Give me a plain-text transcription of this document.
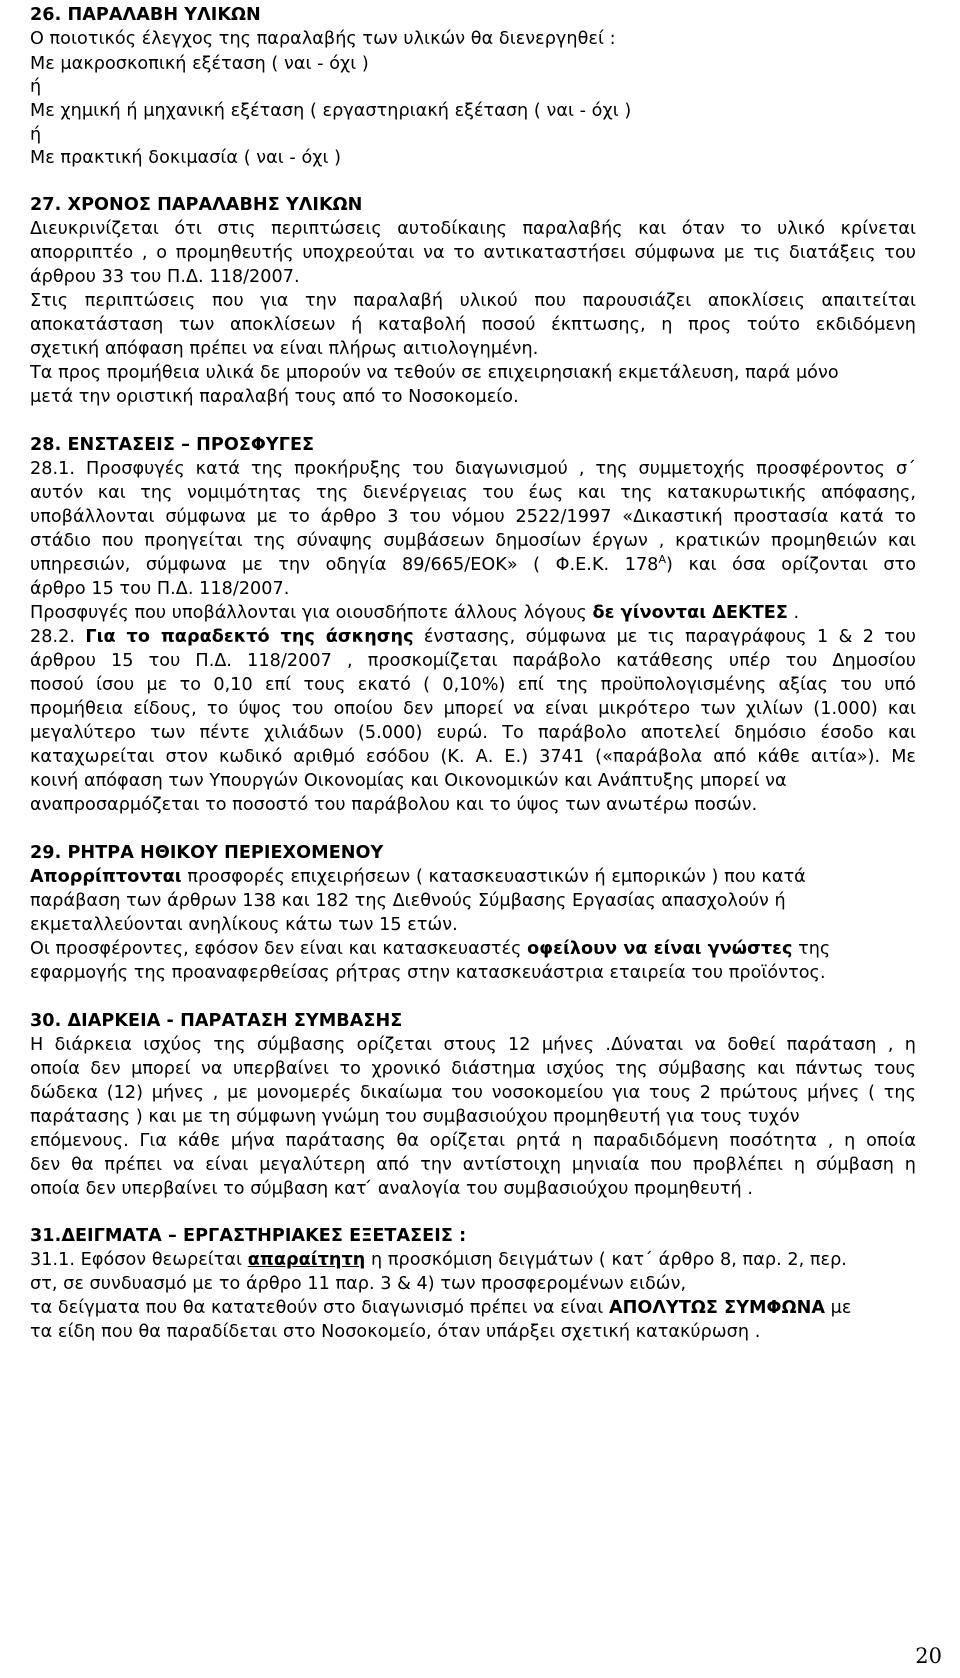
20
26. ΠΑΡΑΛΑΒΗ ΥΛΙΚΩΝ
Ο ποιοτικός έλεγχος της παραλαβής των υλικών θα διενεργηθεί :
Με μακροσκοπική εξέταση ( ναι - όχι )
ή
Με χημική ή μηχανική εξέταση ( εργαστηριακή εξέταση ( ναι - όχι )
ή
Με πρακτική δοκιμασία ( ναι - όχι )
27. ΧΡΟΝΟΣ ΠΑΡΑΛΑΒΗΣ ΥΛΙΚΩΝ
Διευκρινίζεται ότι στις περιπτώσεις αυτοδίκαιης παραλαβής και όταν το υλικό κρίνεται
απορριπτέο , ο προμηθευτής υποχρεούται να το αντικαταστήσει σύμφωνα με τις διατάξεις του
άρθρου 33 του Π.Δ. 118/2007.
Στις περιπτώσεις που για την παραλαβή υλικού που παρουσιάζει αποκλίσεις απαιτείται
αποκατάσταση των αποκλίσεων ή καταβολή ποσού έκπτωσης, η προς τούτο εκδιδόμενη
σχετική απόφαση πρέπει να είναι πλήρως αιτιολογημένη.
Τα προς προμήθεια υλικά δε μπορούν να τεθούν σε επιχειρησιακή εκμετάλευση, παρά μόνο
μετά την οριστική παραλαβή τους από το Νοσοκομείο.
28. ΕΝΣΤΑΣΕΙΣ – ΠΡΟΣΦΥΓΕΣ
28.1. Προσφυγές κατά της προκήρυξης του διαγωνισμού , της συμμετοχής προσφέροντος σ΄
αυτόν και της νομιμότητας της διενέργειας του έως και της κατακυρωτικής απόφασης,
υποβάλλονται σύμφωνα με το άρθρο 3 του νόμου 2522/1997 «Δικαστική προστασία κατά το
στάδιο που προηγείται της σύναψης συμβάσεων δημοσίων έργων , κρατικών προμηθειών και
υπηρεσιών, σύμφωνα με την οδηγία 89/665/ΕΟΚ» ( Φ.Ε.Κ. $178^A$) και όσα ορίζονται στο
άρθρο 15 του Π.Δ. 118/2007.
Προσφυγές που υποβάλλονται για οιουσδήποτε άλλους λόγους δε γίνονται ΔΕΚΤΕΣ .
28.2. Για το παραδεκτό της άσκησης ένστασης, σύμφωνα με τις παραγράφους 1 & 2 του
άρθρου 15 του Π.Δ. 118/2007 , προσκομίζεται παράβολο κατάθεσης υπέρ του Δημοσίου
ποσού ίσου με το 0,10 επί τους εκατό ( 0,10%) επί της προϋπολογισμένης αξίας του υπό
προμήθεια είδους, το ύψος του οποίου δεν μπορεί να είναι μικρότερο των χιλίων (1.000) και
μεγαλύτερο των πέντε χιλιάδων (5.000) ευρώ. Το παράβολο αποτελεί δημόσιο έσοδο και
καταχωρείται στον κωδικό αριθμό εσόδου (Κ. Α. Ε.) 3741 («παράβολα από κάθε αιτία»). Με
κοινή απόφαση των Υπουργών Οικονομίας και Οικονομικών και Ανάπτυξης μπορεί να
αναπροσαρμόζεται το ποσοστό του παράβολου και το ύψος των ανωτέρω ποσών.
29. ΡΗΤΡΑ ΗΘΙΚΟΥ ΠΕΡΙΕΧΟΜΕΝΟΥ
Απορρίπτονται προσφορές επιχειρήσεων ( κατασκευαστικών ή εμπορικών ) που κατά
παράβαση των άρθρων 138 και 182 της Διεθνούς Σύμβασης Εργασίας απασχολούν ή
εκμεταλλεύονται ανηλίκους κάτω των 15 ετών.
Οι προσφέροντες, εφόσον δεν είναι και κατασκευαστές οφείλουν να είναι γνώστες της
εφαρμογής της προαναφερθείσας ρήτρας στην κατασκευάστρια εταιρεία του προϊόντος.
30. ΔΙΑΡΚΕΙΑ - ΠΑΡΑΤΑΣΗ ΣΥΜΒΑΣΗΣ
Η διάρκεια ισχύος της σύμβασης ορίζεται στους 12 μήνες .Δύναται να δοθεί παράταση , η
οποία δεν μπορεί να υπερβαίνει το χρονικό διάστημα ισχύος της σύμβασης και πάντως τους
δώδεκα (12) μήνες , με μονομερές δικαίωμα του νοσοκομείου για τους 2 πρώτους μήνες ( της
παράτασης ) και με τη σύμφωνη γνώμη του συμβασιούχου προμηθευτή για τους τυχόν
επόμενους. Για κάθε μήνα παράτασης θα ορίζεται ρητά η παραδιδόμενη ποσότητα , η οποία
δεν θα πρέπει να είναι μεγαλύτερη από την αντίστοιχη μηνιαία που προβλέπει η σύμβαση η
οποία δεν υπερβαίνει το σύμβαση κατ ́ αναλογία του συμβασιούχου προμηθευτή .
31.ΔΕΙΓΜΑΤΑ – ΕΡΓΑΣΤΗΡΙΑΚΕΣ ΕΞΕΤΑΣΕΙΣ :
31.1. Εφόσον θεωρείται απαραίτητη η προσκόμιση δειγμάτων ( κατ΄ άρθρο 8, παρ. 2, περ.
στ, σε συνδυασμό με το άρθρο 11 παρ. 3 & 4) των προσφερομένων ειδών,
τα δείγματα που θα κατατεθούν στο διαγωνισμό πρέπει να είναι ΑΠΟΛΥΤΩΣ ΣΥΜΦΩΝΑ με
τα είδη που θα παραδίδεται στο Νοσοκομείο, όταν υπάρξει σχετική κατακύρωση .
